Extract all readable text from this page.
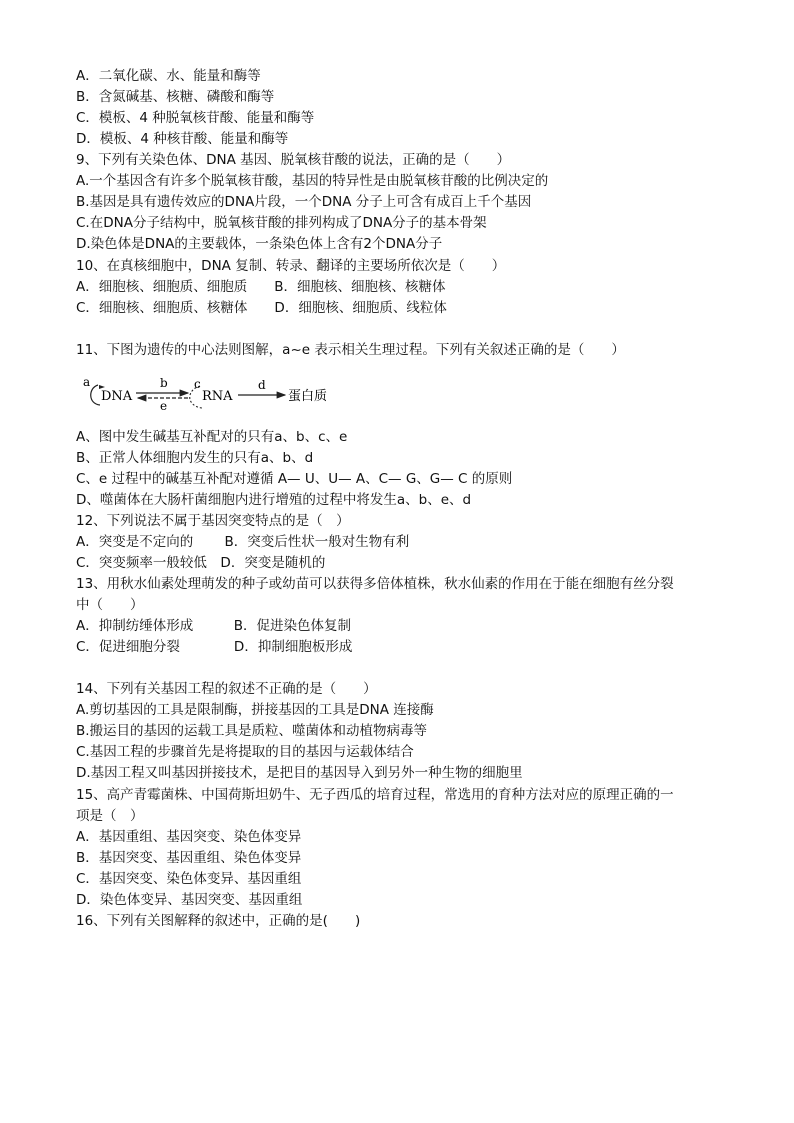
A．二氧化碳、水、能量和酶等
B．含氮碱基、核糖、磷酸和酶等
C．模板、4 种脱氧核苷酸、能量和酶等
D．模板、4 种核苷酸、能量和酶等
9、下列有关染色体、DNA 基因、脱氧核苷酸的说法，正确的是（　　）
A.一个基因含有许多个脱氧核苷酸，基因的特异性是由脱氧核苷酸的比例决定的
B.基因是具有遗传效应的DNA片段，一个DNA 分子上可含有成百上千个基因
C.在DNA分子结构中，脱氧核苷酸的排列构成了DNA分子的基本骨架
D.染色体是DNA的主要载体，一条染色体上含有2个DNA分子
10、在真核细胞中，DNA 复制、转录、翻译的主要场所依次是（　　）
A．细胞核、细胞质、细胞质　　B．细胞核、细胞核、核糖体
C．细胞核、细胞质、核糖体　　D．细胞核、细胞质、线粒体
11、下图为遗传的中心法则图解，a~e 表示相关生理过程。下列有关叙述正确的是（　　）
a
DNA
b
e
c
RNA
d
蛋白质
A、图中发生碱基互补配对的只有a、b、c、e
B、正常人体细胞内发生的只有a、b、d
C、e 过程中的碱基互补配对遵循 A— U、U— A、C— G、G— C 的原则
D、噬菌体在大肠杆菌细胞内进行增殖的过程中将发生a、b、e、d
12、下列说法不属于基因突变特点的是（　）
A．突变是不定向的　　 B．突变后性状一般对生物有利
C．突变频率一般较低　D．突变是随机的
13、用秋水仙素处理萌发的种子或幼苗可以获得多倍体植株，秋水仙素的作用在于能在细胞有丝分裂
中（　　）
A．抑制纺缍体形成　　　B．促进染色体复制
C．促进细胞分裂　　　　D．抑制细胞板形成
14、下列有关基因工程的叙述不正确的是（　　）
A.剪切基因的工具是限制酶，拼接基因的工具是DNA 连接酶
B.搬运目的基因的运载工具是质粒、噬菌体和动植物病毒等
C.基因工程的步骤首先是将提取的目的基因与运载体结合
D.基因工程又叫基因拼接技术，是把目的基因导入到另外一种生物的细胞里
15、高产青霉菌株、中国荷斯坦奶牛、无子西瓜的培育过程，常选用的育种方法对应的原理正确的一
项是（　）
A．基因重组、基因突变、染色体变异
B．基因突变、基因重组、染色体变异
C．基因突变、染色体变异、基因重组
D．染色体变异、基因突变、基因重组
16、下列有关图解释的叙述中，正确的是(　　)
